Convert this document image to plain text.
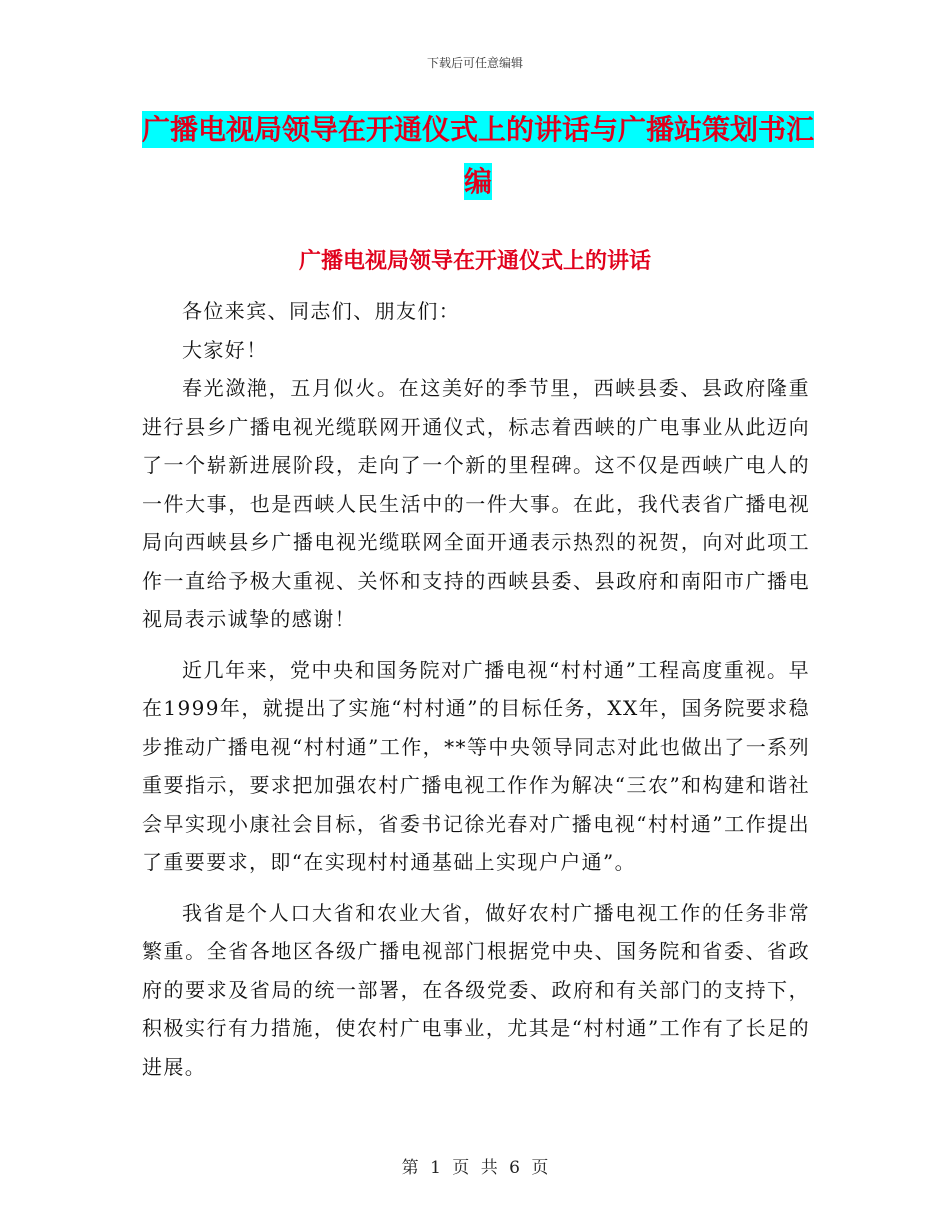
下载后可任意编辑
广播电视局领导在开通仪式上的讲话与广播站策划书汇编
广播电视局领导在开通仪式上的讲话

各位来宾、同志们、朋友们：

大家好！

春光潋滟，五月似火。在这美好的季节里，西峡县委、县政府隆重进行县乡广播电视光缆联网开通仪式，标志着西峡的广电事业从此迈向了一个崭新进展阶段，走向了一个新的里程碑。这不仅是西峡广电人的一件大事，也是西峡人民生活中的一件大事。在此，我代表省广播电视局向西峡县乡广播电视光缆联网全面开通表示热烈的祝贺，向对此项工作一直给予极大重视、关怀和支持的西峡县委、县政府和南阳市广播电视局表示诚挚的感谢！

近几年来，党中央和国务院对广播电视“村村通”工程高度重视。早在1999年，就提出了实施“村村通”的目标任务，XX年，国务院要求稳步推动广播电视“村村通”工作，**等中央领导同志对此也做出了一系列重要指示，要求把加强农村广播电视工作作为解决“三农”和构建和谐社会早实现小康社会目标，省委书记徐光春对广播电视“村村通”工作提出了重要要求，即“在实现村村通基础上实现户户通”。

我省是个人口大省和农业大省，做好农村广播电视工作的任务非常繁重。全省各地区各级广播电视部门根据党中央、国务院和省委、省政府的要求及省局的统一部署，在各级党委、政府和有关部门的支持下，积极实行有力措施，使农村广电事业，尤其是“村村通”工作有了长足的进展。

第 1 页 共 6 页
